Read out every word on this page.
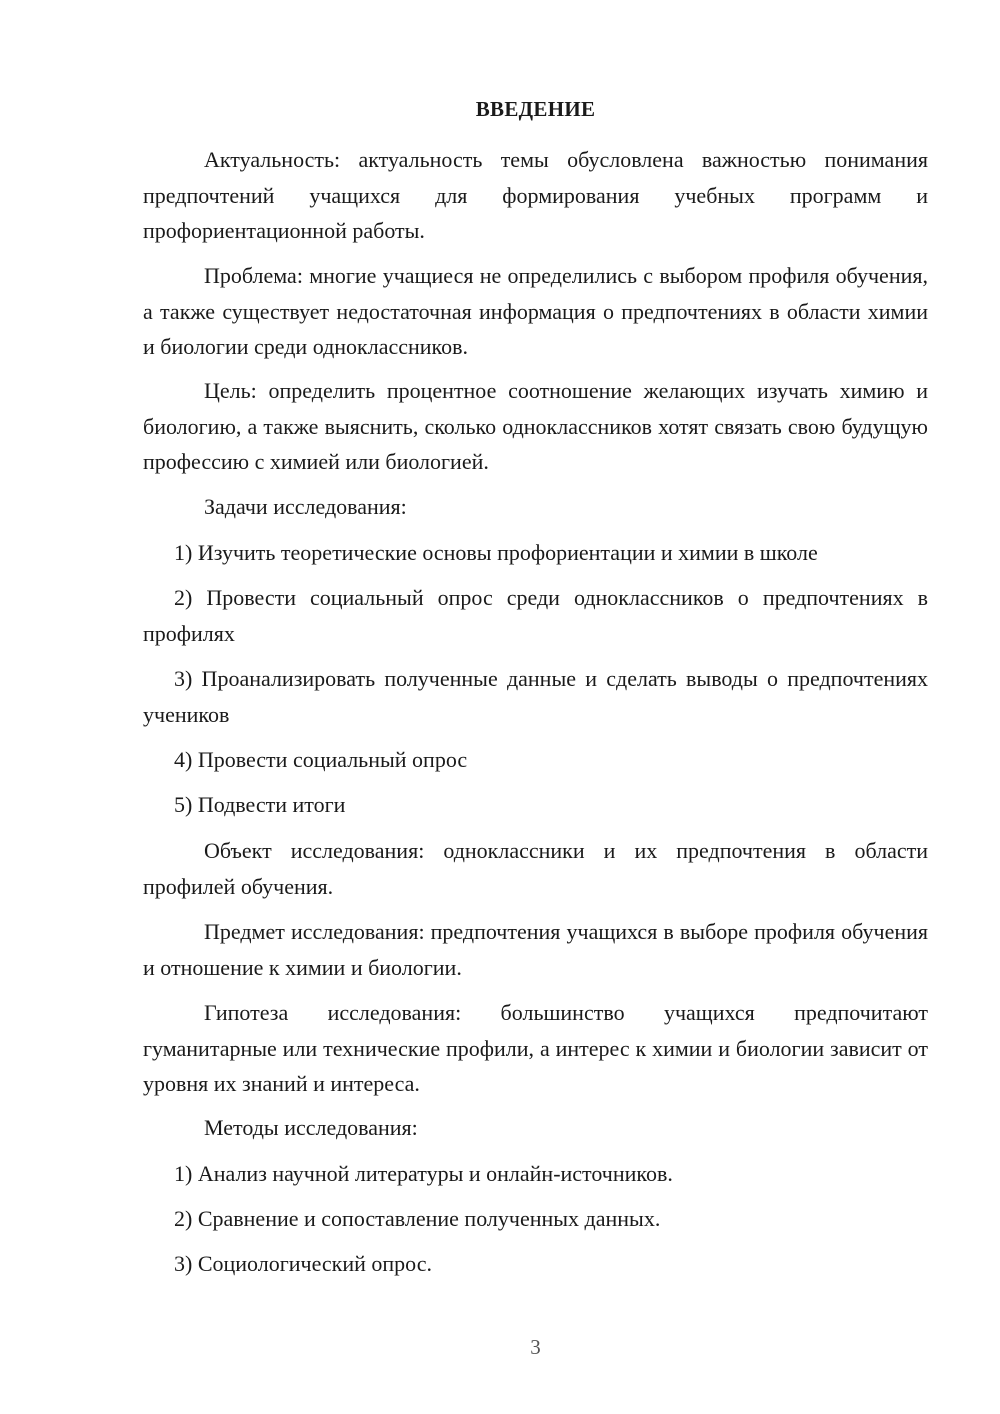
ВВЕДЕНИЕ

Актуальность: актуальность темы обусловлена важностью понимания предпочтений учащихся для формирования учебных программ и профориентационной работы.

Проблема: многие учащиеся не определились с выбором профиля обучения, а также существует недостаточная информация о предпочтениях в области химии и биологии среди одноклассников.

Цель: определить процентное соотношение желающих изучать химию и биологию, а также выяснить, сколько одноклассников хотят связать свою будущую профессию с химией или биологией.

Задачи исследования:

1) Изучить теоретические основы профориентации и химии в школе

2) Провести социальный опрос среди одноклассников о предпочтениях в профилях

3) Проанализировать полученные данные и сделать выводы о предпочтениях учеников

4) Провести социальный опрос

5) Подвести итоги

Объект исследования: одноклассники и их предпочтения в области профилей обучения.

Предмет исследования: предпочтения учащихся в выборе профиля обучения и отношение к химии и биологии.

Гипотеза исследования: большинство учащихся предпочитают гуманитарные или технические профили, а интерес к химии и биологии зависит от уровня их знаний и интереса.

Методы исследования:

1) Анализ научной литературы и онлайн-источников.

2) Сравнение и сопоставление полученных данных.

3) Социологический опрос.

3
